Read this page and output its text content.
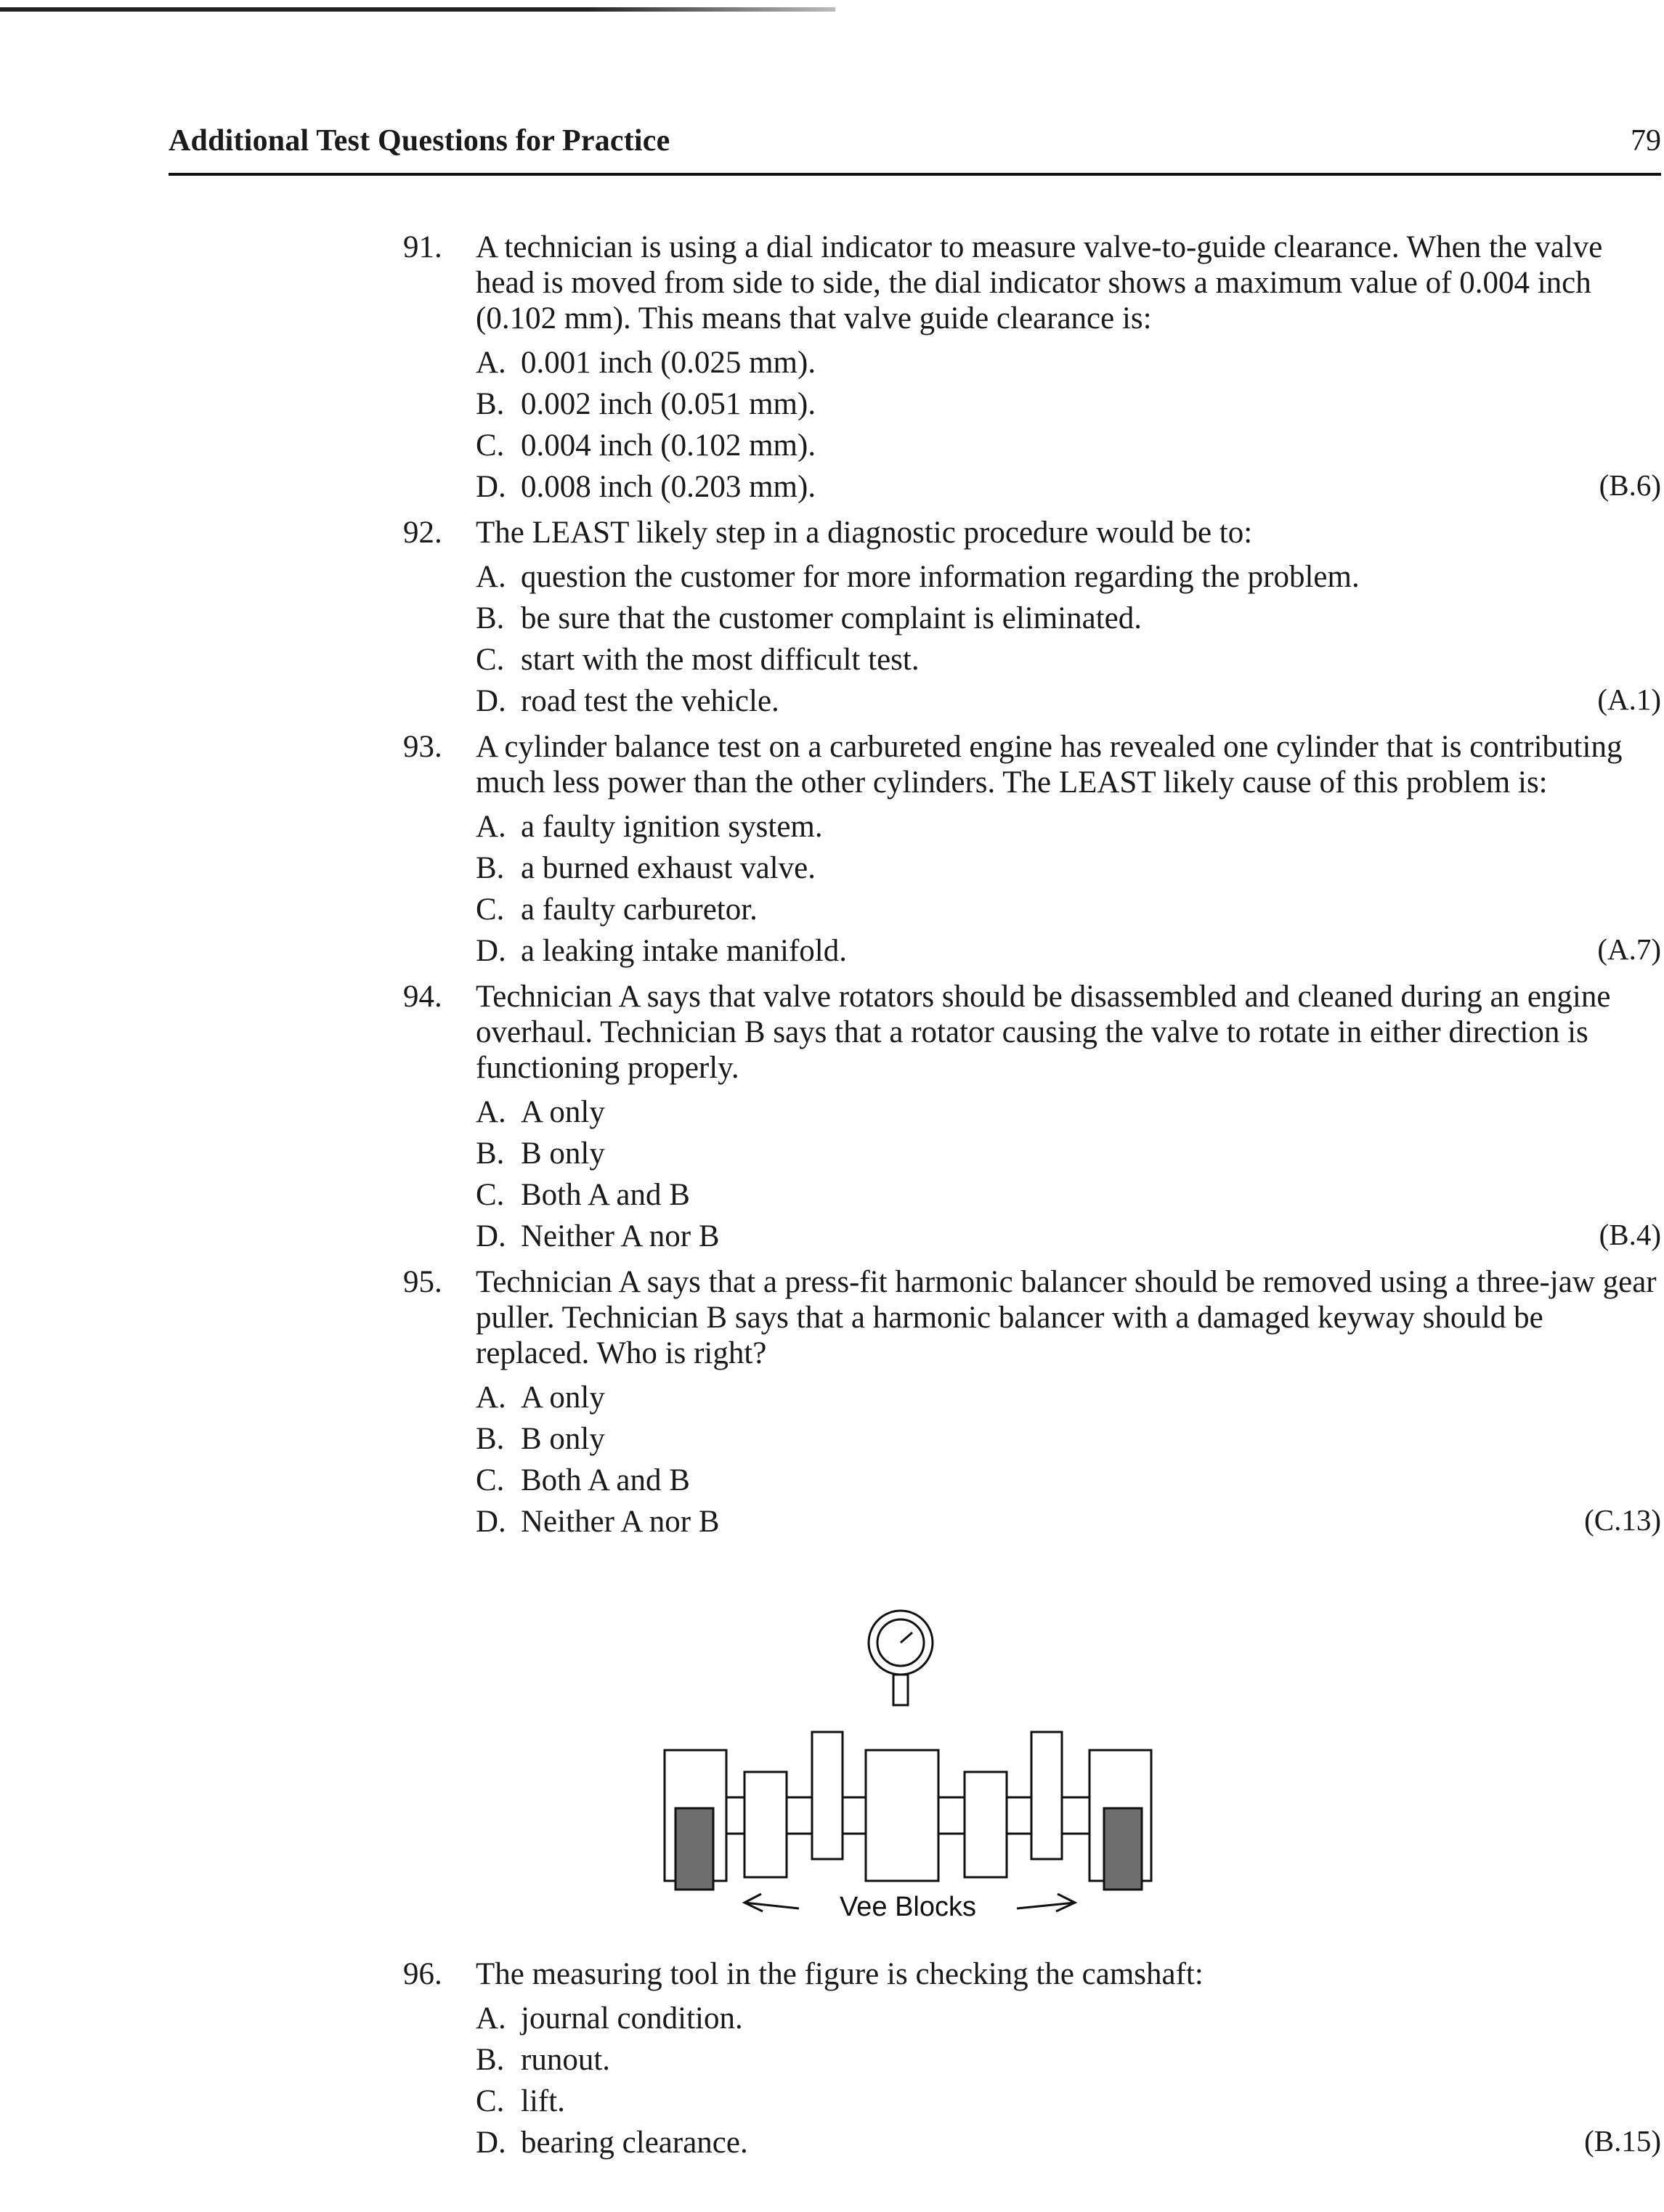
Additional Test Questions for Practice	79
91. A technician is using a dial indicator to measure valve-to-guide clearance. When the valve head is moved from side to side, the dial indicator shows a maximum value of 0.004 inch (0.102 mm). This means that valve guide clearance is:
A. 0.001 inch (0.025 mm).
B. 0.002 inch (0.051 mm).
C. 0.004 inch (0.102 mm).
D. 0.008 inch (0.203 mm).	(B.6)
92. The LEAST likely step in a diagnostic procedure would be to:
A. question the customer for more information regarding the problem.
B. be sure that the customer complaint is eliminated.
C. start with the most difficult test.
D. road test the vehicle.	(A.1)
93. A cylinder balance test on a carbureted engine has revealed one cylinder that is contributing much less power than the other cylinders. The LEAST likely cause of this problem is:
A. a faulty ignition system.
B. a burned exhaust valve.
C. a faulty carburetor.
D. a leaking intake manifold.	(A.7)
94. Technician A says that valve rotators should be disassembled and cleaned during an engine overhaul. Technician B says that a rotator causing the valve to rotate in either direction is functioning properly.
A. A only
B. B only
C. Both A and B
D. Neither A nor B	(B.4)
95. Technician A says that a press-fit harmonic balancer should be removed using a three-jaw gear puller. Technician B says that a harmonic balancer with a damaged keyway should be replaced. Who is right?
A. A only
B. B only
C. Both A and B
D. Neither A nor B	(C.13)
96. The measuring tool in the figure is checking the camshaft:
A. journal condition.
B. runout.
C. lift.
D. bearing clearance.	(B.15)
Vee Blocks
